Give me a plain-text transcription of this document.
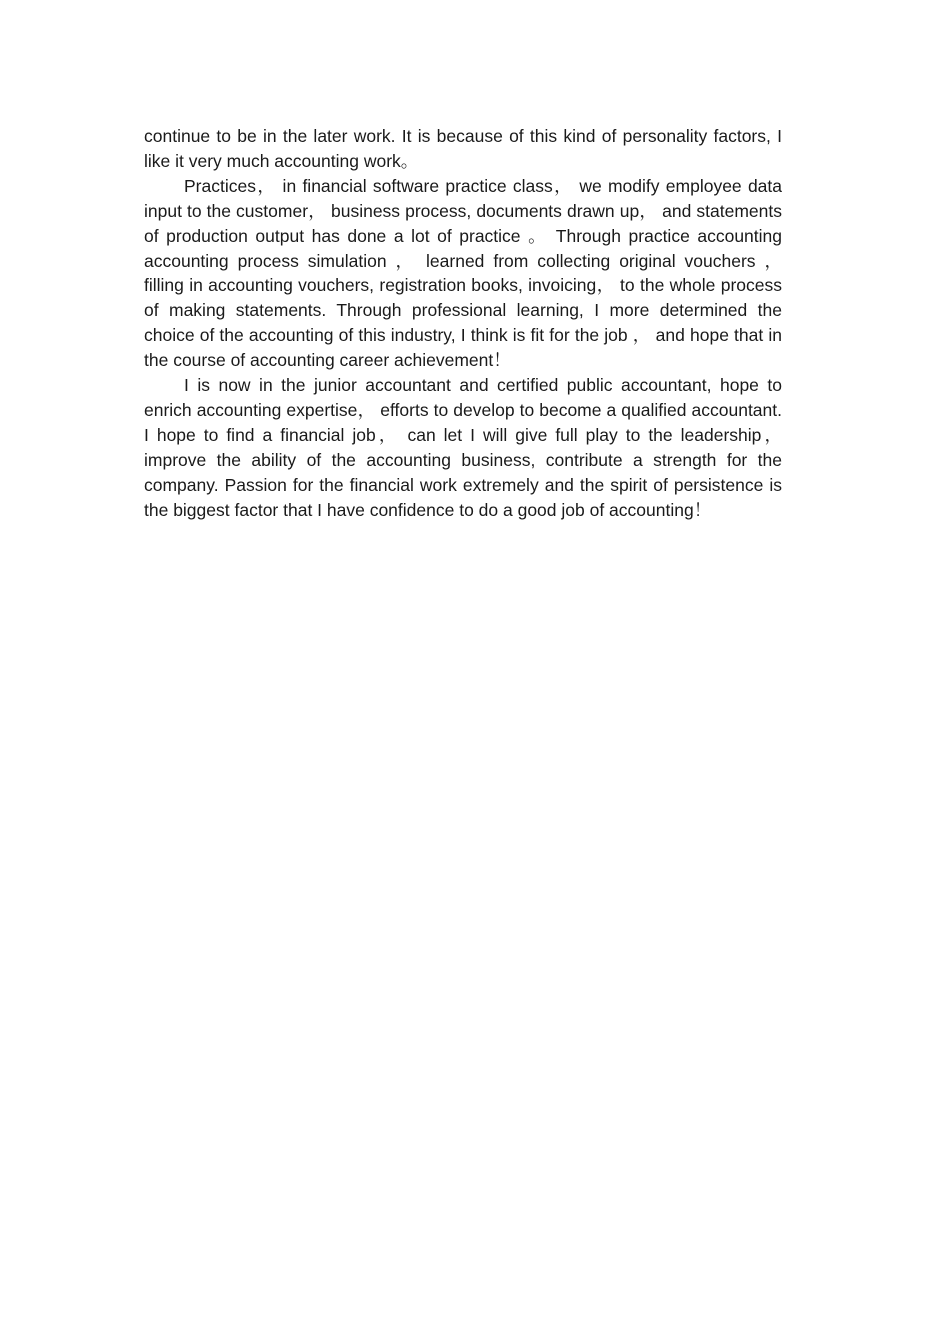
continue to be in the later work. It is because of this kind of personality factors, I like it very much accounting work。

Practices， in financial software practice class， we modify employee data input to the customer， business process, documents drawn up， and statements of production output has done a lot of practice 。 Through practice accounting accounting process simulation ， learned from collecting original vouchers ， filling in accounting vouchers, registration books, invoicing， to the whole process of making statements. Through professional learning, I more determined the choice of the accounting of this industry, I think is fit for the job ， and hope that in the course of accounting career achievement！

I is now in the junior accountant and certified public accountant, hope to enrich accounting expertise， efforts to develop to become a qualified accountant. I hope to find a financial job， can let I will give full play to the leadership， improve the ability of the accounting business, contribute a strength for the company. Passion for the financial work extremely and the spirit of persistence is the biggest factor that I have confidence to do a good job of accounting！
